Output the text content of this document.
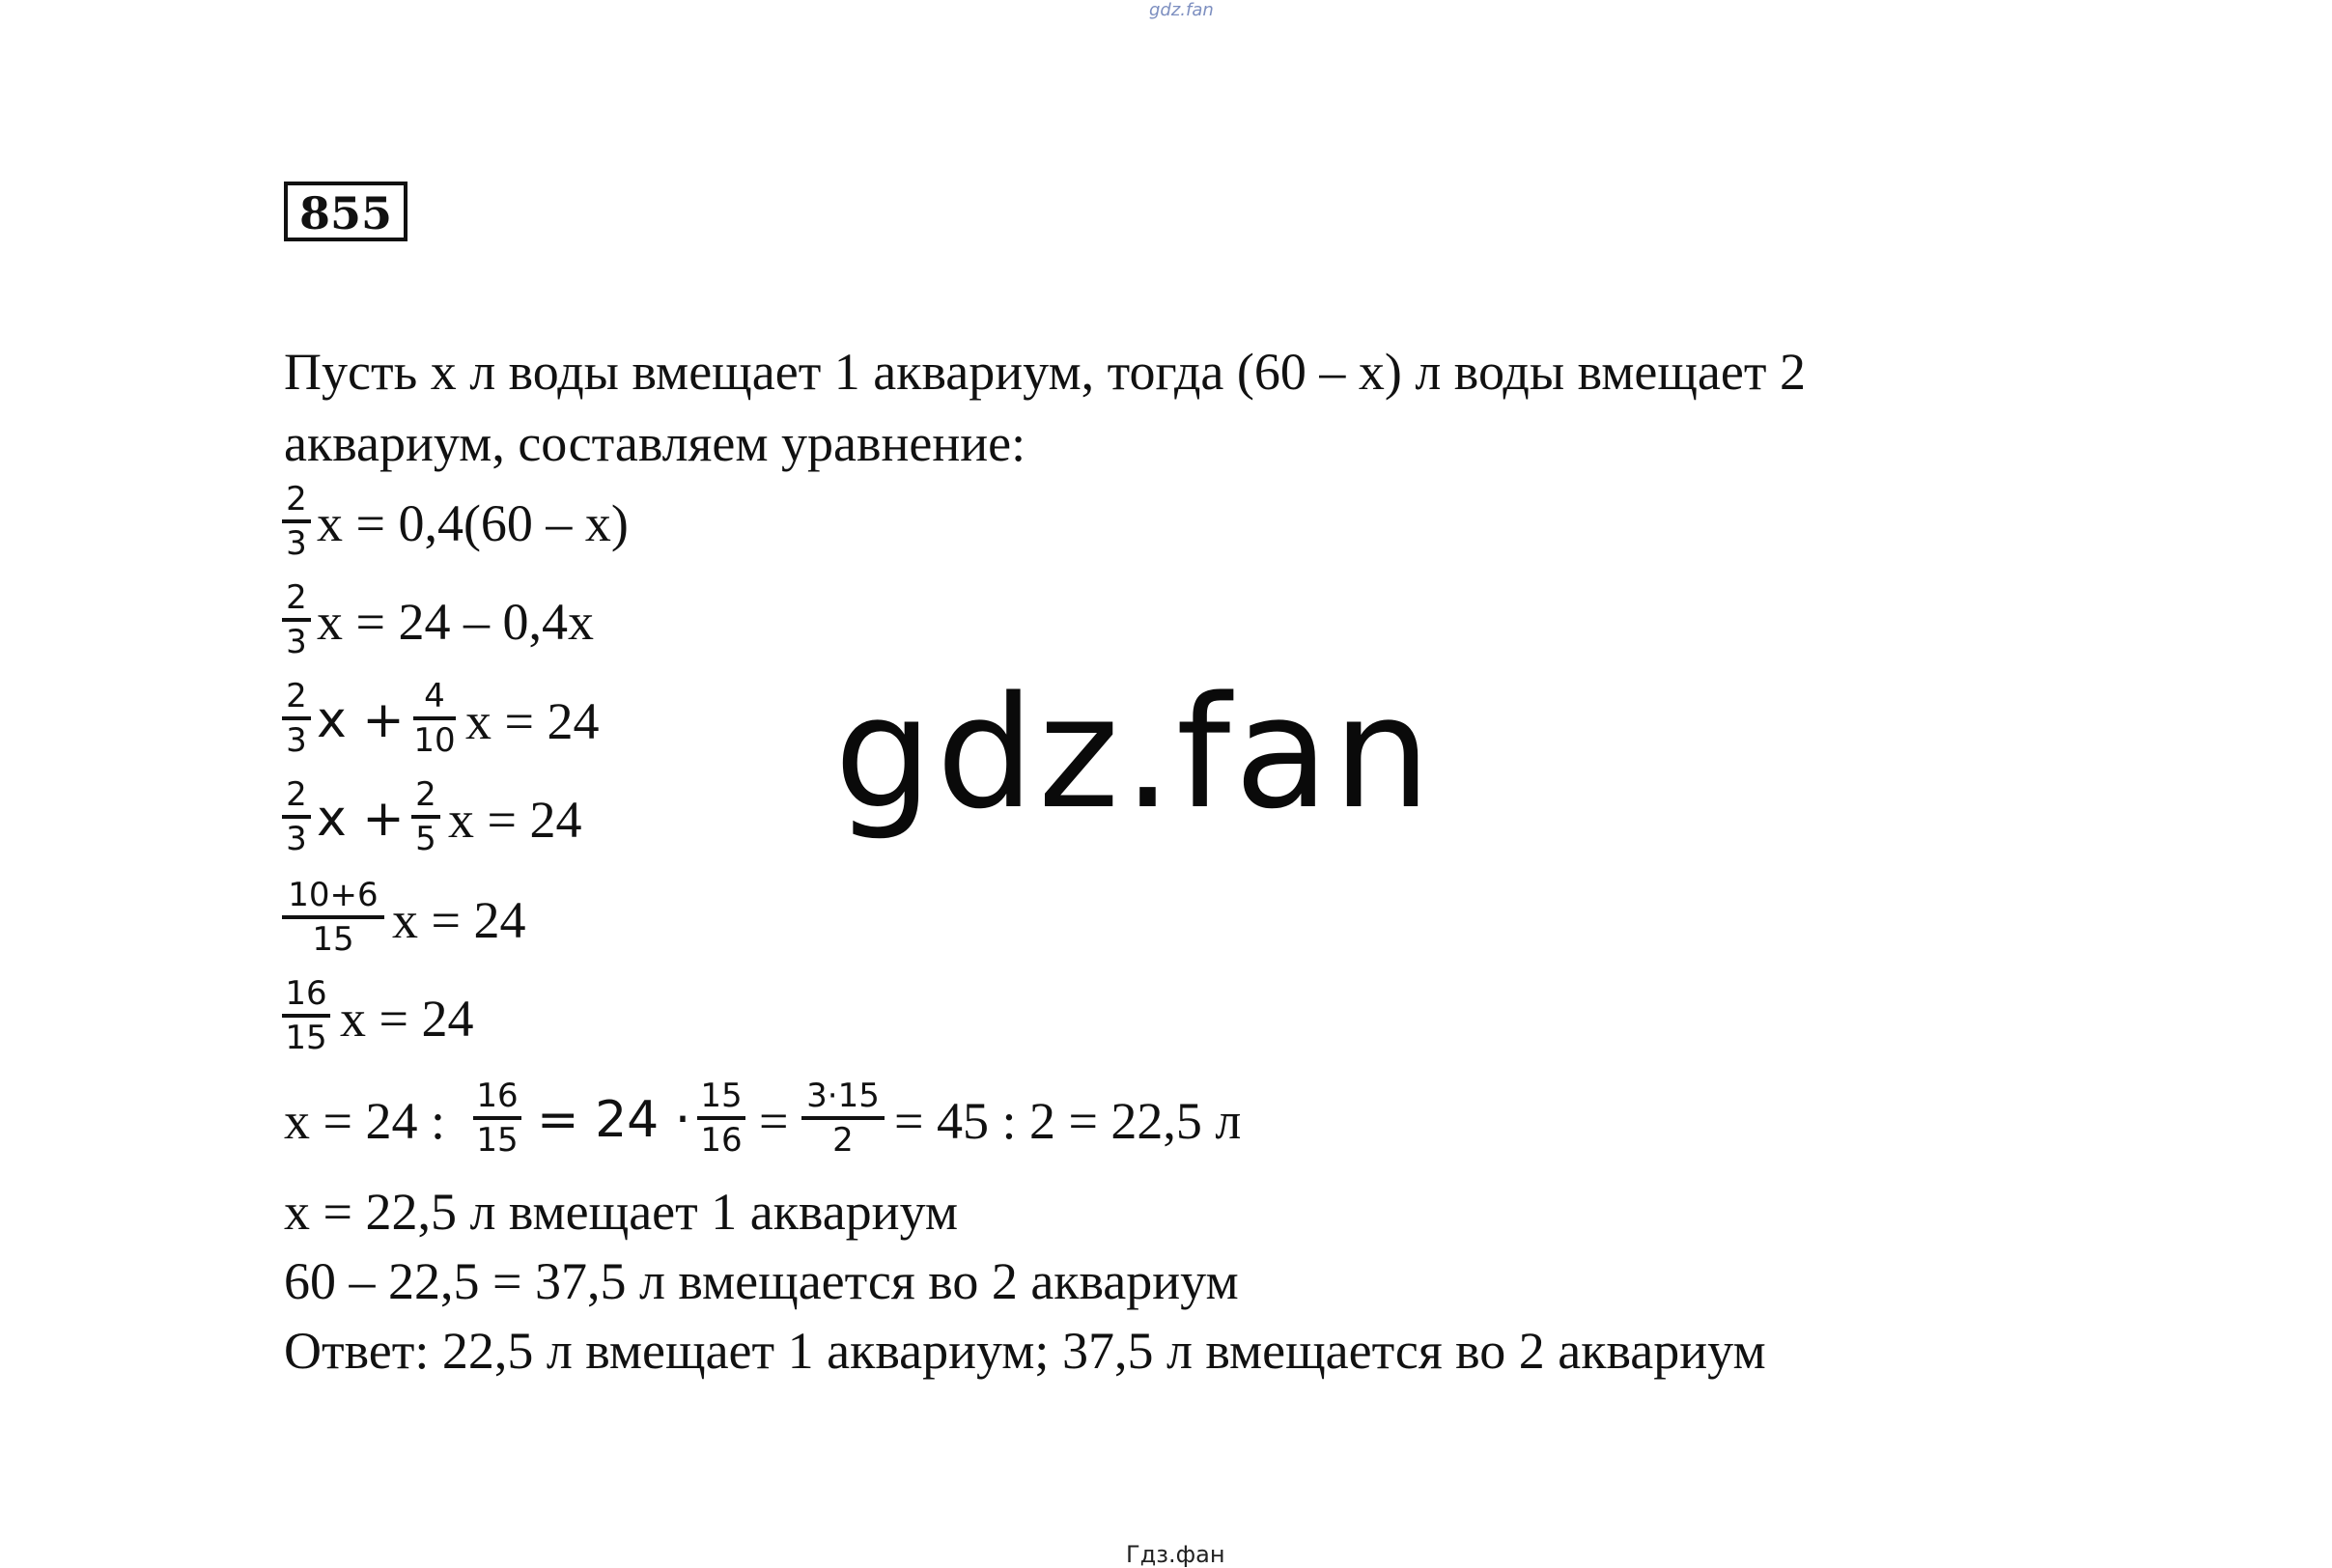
gdz.fan
855
Пусть x л воды вмещает 1 аквариум, тогда (60 – x) л воды вмещает 2
аквариум, составляем уравнение:
2
3 x = 0,4(60 – x)
2
3 x = 24 – 0,4x
2
3 x + 4
10 x = 24
2
3 x + 2
5 x = 24
10+6
15 x = 24
16
15 x = 24
x = 24 : 16
15 = 24 · 15
16 = 3·15
2 = 45 : 2 = 22,5 л
x = 22,5 л вмещает 1 аквариум
60 – 22,5 = 37,5 л вмещается во 2 аквариум
Ответ: 22,5 л вмещает 1 аквариум; 37,5 л вмещается во 2 аквариум
gdz.fan
Гдз.фан
